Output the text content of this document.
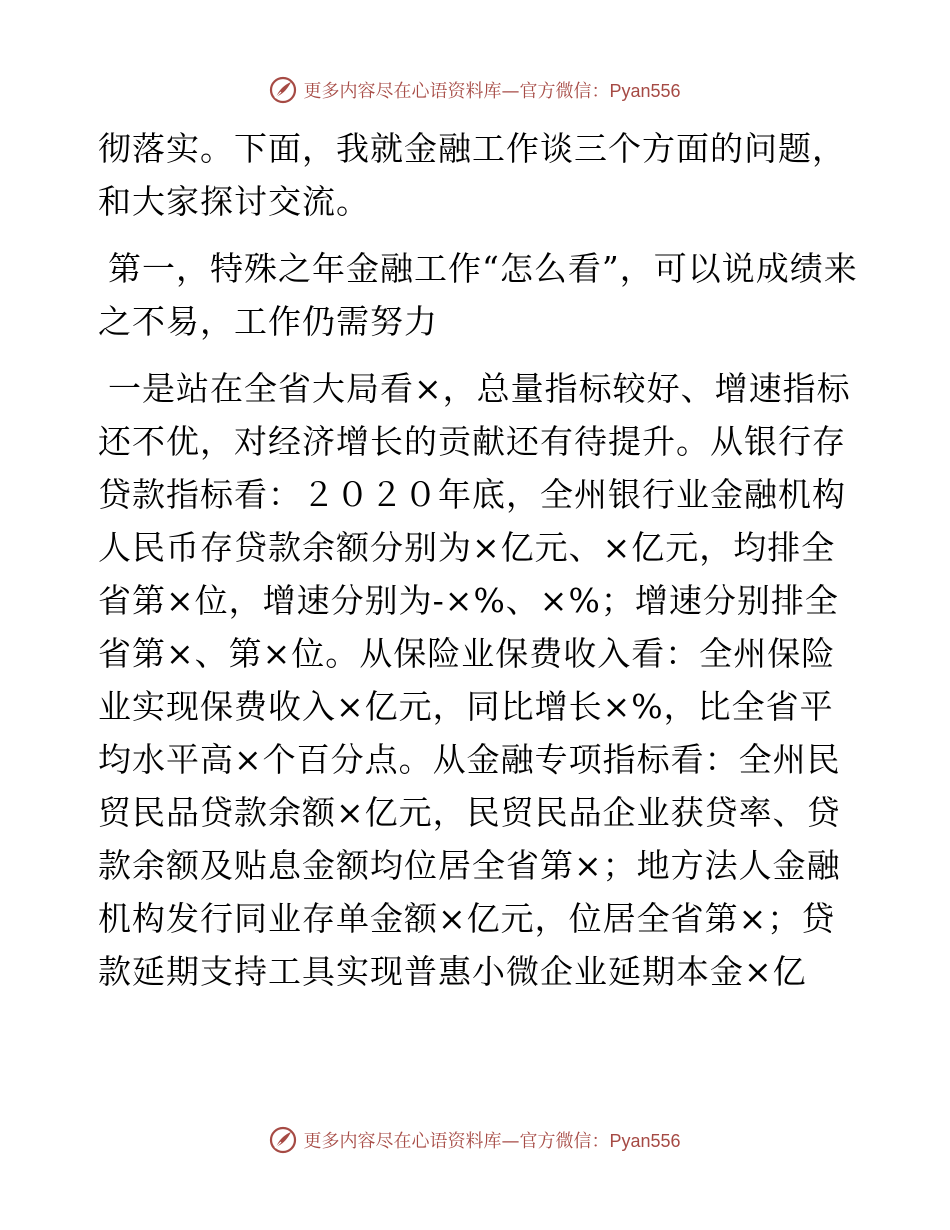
更多内容尽在心语资料库—官方微信：Pyan556

彻落实。下面，我就金融工作谈三个方面的问题，和大家探讨交流。

第一，特殊之年金融工作“怎么看”，可以说成绩来之不易，工作仍需努力

一是站在全省大局看×，总量指标较好、增速指标还不优，对经济增长的贡献还有待提升。从银行存贷款指标看：２０２０年底，全州银行业金融机构人民币存贷款余额分别为×亿元、×亿元，均排全省第×位，增速分别为-×%、×%；增速分别排全省第×、第×位。从保险业保费收入看：全州保险业实现保费收入×亿元，同比增长×%，比全省平均水平高×个百分点。从金融专项指标看：全州民贸民品贷款余额×亿元，民贸民品企业获贷率、贷款余额及贴息金额均位居全省第×；地方法人金融机构发行同业存单金额×亿元，位居全省第×；贷款延期支持工具实现普惠小微企业延期本金×亿

更多内容尽在心语资料库—官方微信：Pyan556
